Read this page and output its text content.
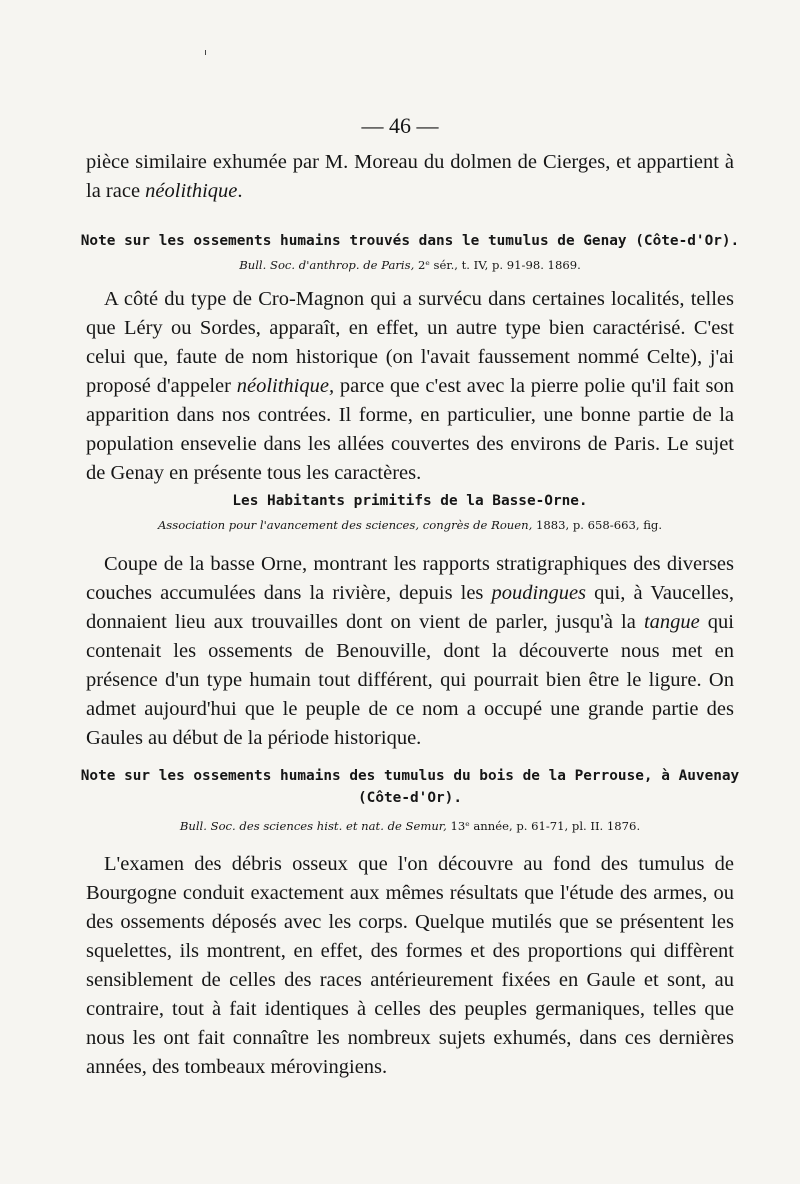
— 46 —

pièce similaire exhumée par M. Moreau du dolmen de Cierges, et appartient à la race néolithique.

Note sur les ossements humains trouvés dans le tumulus de Genay (Côte-d'Or).
Bull. Soc. d'anthrop. de Paris, 2ᵉ sér., t. IV, p. 91-98. 1869.

A côté du type de Cro-Magnon qui a survécu dans certaines localités, telles que Léry ou Sordes, apparaît, en effet, un autre type bien caractérisé. C'est celui que, faute de nom historique (on l'avait faussement nommé Celte), j'ai proposé d'appeler néolithique, parce que c'est avec la pierre polie qu'il fait son apparition dans nos contrées. Il forme, en particulier, une bonne partie de la population ensevelie dans les allées couvertes des environs de Paris. Le sujet de Genay en présente tous les caractères.

Les Habitants primitifs de la Basse-Orne.
Association pour l'avancement des sciences, congrès de Rouen, 1883, p. 658-663, fig.

Coupe de la basse Orne, montrant les rapports stratigraphiques des diverses couches accumulées dans la rivière, depuis les poudingues qui, à Vaucelles, donnaient lieu aux trouvailles dont on vient de parler, jusqu'à la tangue qui contenait les ossements de Benouville, dont la découverte nous met en présence d'un type humain tout différent, qui pourrait bien être le ligure. On admet aujourd'hui que le peuple de ce nom a occupé une grande partie des Gaules au début de la période historique.

Note sur les ossements humains des tumulus du bois de la Perrouse, à Auvenay
(Côte-d'Or).
Bull. Soc. des sciences hist. et nat. de Semur, 13ᵉ année, p. 61-71, pl. II. 1876.

L'examen des débris osseux que l'on découvre au fond des tumulus de Bourgogne conduit exactement aux mêmes résultats que l'étude des armes, ou des ossements déposés avec les corps. Quelque mutilés que se présentent les squelettes, ils montrent, en effet, des formes et des proportions qui diffèrent sensiblement de celles des races antérieurement fixées en Gaule et sont, au contraire, tout à fait identiques à celles des peuples germaniques, telles que nous les ont fait connaître les nombreux sujets exhumés, dans ces dernières années, des tombeaux mérovingiens.
